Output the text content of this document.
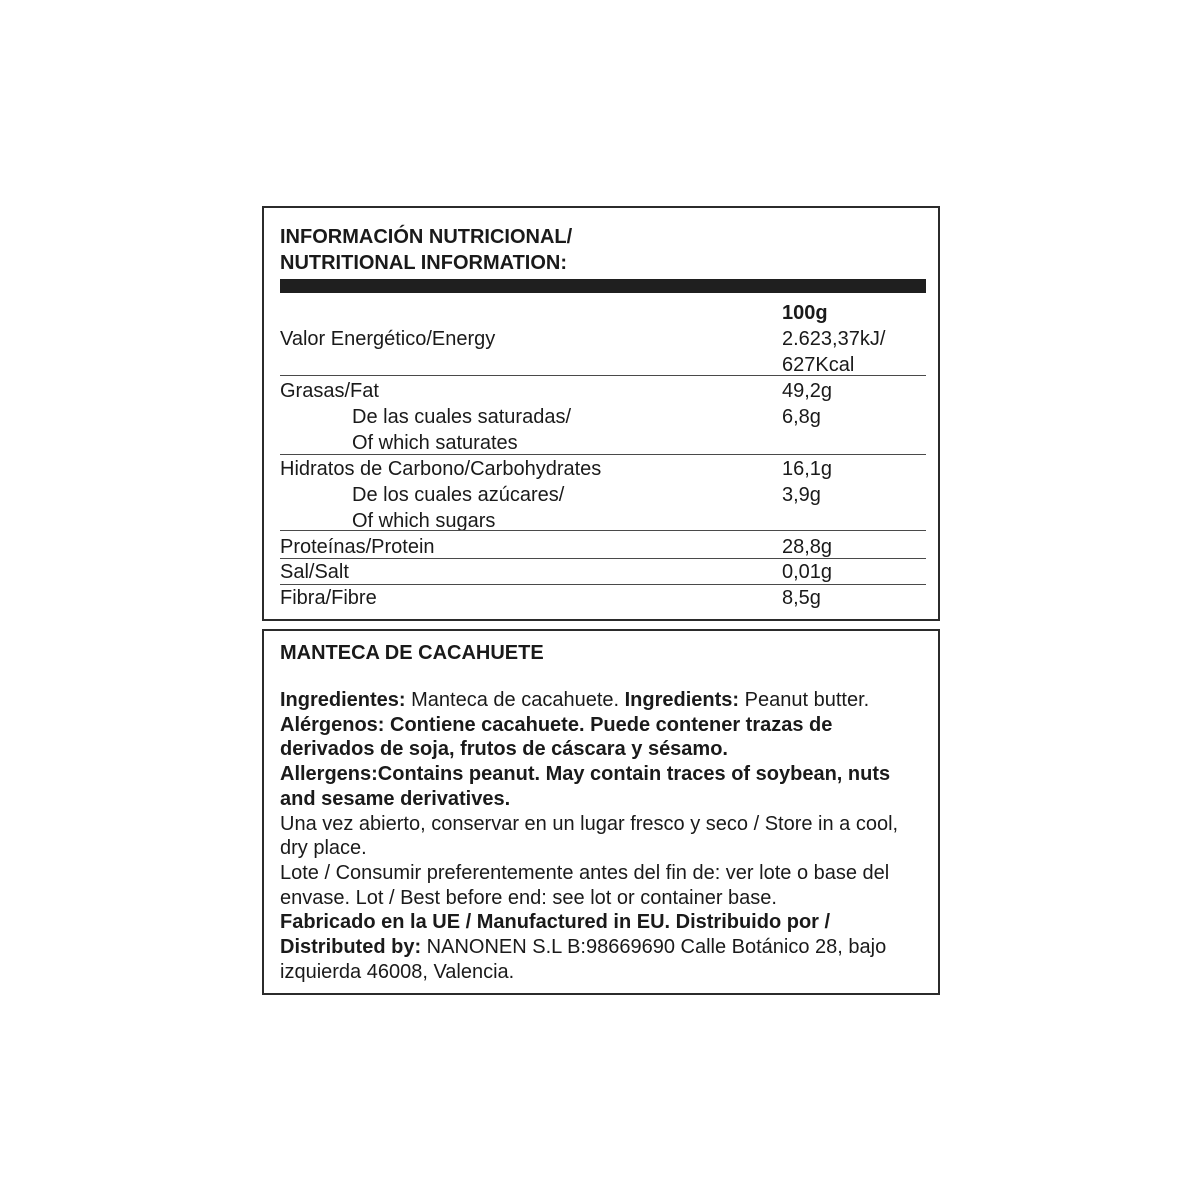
INFORMACIÓN NUTRICIONAL/
NUTRITIONAL INFORMATION:
100g
Valor Energético/Energy	2.623,37kJ/
627Kcal
Grasas/Fat	49,2g
De las cuales saturadas/	6,8g
Of which saturates
Hidratos de Carbono/Carbohydrates	16,1g
De los cuales azúcares/	3,9g
Of which sugars
Proteínas/Protein	28,8g
Sal/Salt	0,01g
Fibra/Fibre	8,5g
MANTECA DE CACAHUETE

Ingredientes: Manteca de cacahuete. Ingredients: Peanut butter.

Alérgenos: Contiene cacahuete. Puede contener trazas de derivados de soja, frutos de cáscara y sésamo.

Allergens:Contains peanut. May contain traces of soybean, nuts and sesame derivatives.

Una vez abierto, conservar en un lugar fresco y seco / Store in a cool, dry place.

Lote / Consumir preferentemente antes del fin de: ver lote o base del envase. Lot / Best before end: see lot or container base.

Fabricado en la UE / Manufactured in EU. Distribuido por / Distributed by: NANONEN S.L B:98669690 Calle Botánico 28, bajo izquierda 46008, Valencia.
